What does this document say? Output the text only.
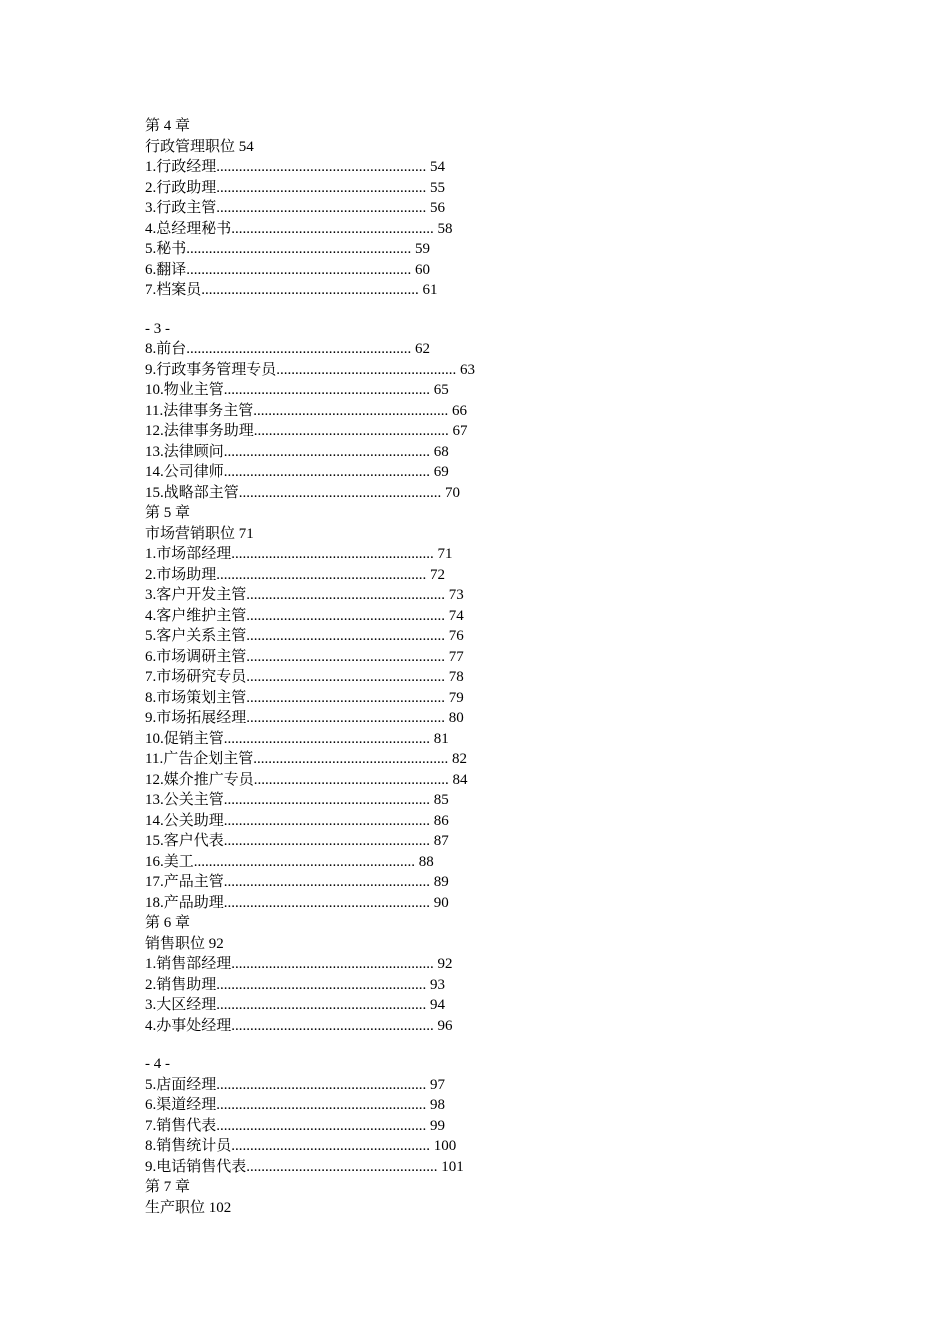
第 4 章
行政管理职位 54
1.行政经理........................................................ 54
2.行政助理........................................................ 55
3.行政主管........................................................ 56
4.总经理秘书...................................................... 58
5.秘书............................................................ 59
6.翻译............................................................ 60
7.档案员.......................................................... 61
- 3 -
8.前台............................................................ 62
9.行政事务管理专员................................................ 63
10.物业主管....................................................... 65
11.法律事务主管.................................................... 66
12.法律事务助理.................................................... 67
13.法律顾问....................................................... 68
14.公司律师....................................................... 69
15.战略部主管...................................................... 70
第 5 章
市场营销职位 71
1.市场部经理...................................................... 71
2.市场助理........................................................ 72
3.客户开发主管..................................................... 73
4.客户维护主管..................................................... 74
5.客户关系主管..................................................... 76
6.市场调研主管..................................................... 77
7.市场研究专员..................................................... 78
8.市场策划主管..................................................... 79
9.市场拓展经理..................................................... 80
10.促销主管....................................................... 81
11.广告企划主管.................................................... 82
12.媒介推广专员.................................................... 84
13.公关主管....................................................... 85
14.公关助理....................................................... 86
15.客户代表....................................................... 87
16.美工........................................................... 88
17.产品主管....................................................... 89
18.产品助理....................................................... 90
第 6 章
销售职位 92
1.销售部经理...................................................... 92
2.销售助理........................................................ 93
3.大区经理........................................................ 94
4.办事处经理...................................................... 96
- 4 -
5.店面经理........................................................ 97
6.渠道经理........................................................ 98
7.销售代表........................................................ 99
8.销售统计员..................................................... 100
9.电话销售代表................................................... 101
第 7 章
生产职位 102
